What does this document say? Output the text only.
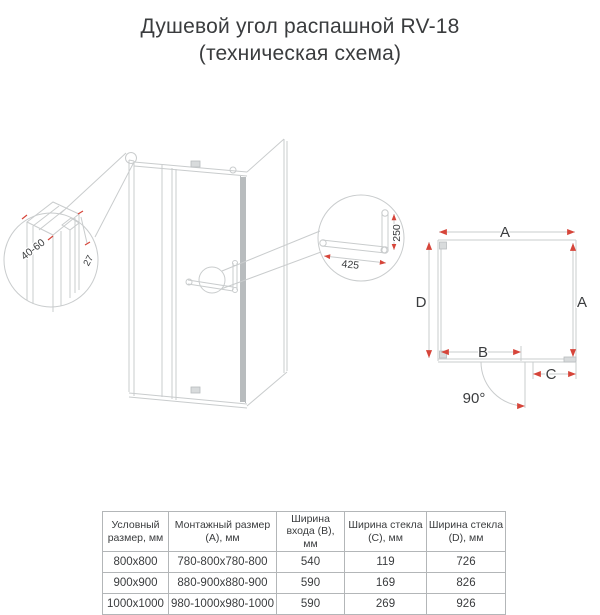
Душевой угол распашной RV-18
(техническая схема)
40-60	27	425
250	A
D	A
B
C
90°
Условный размер, мм	Монтажный размер (A), мм	Ширина входа (B), мм	Ширина стекла (C), мм	Ширина стекла (D), мм
800x800	780-800x780-800	540	119	726
900x900	880-900x880-900	590	169	826
1000x1000	980-1000x980-1000	590	269	926
